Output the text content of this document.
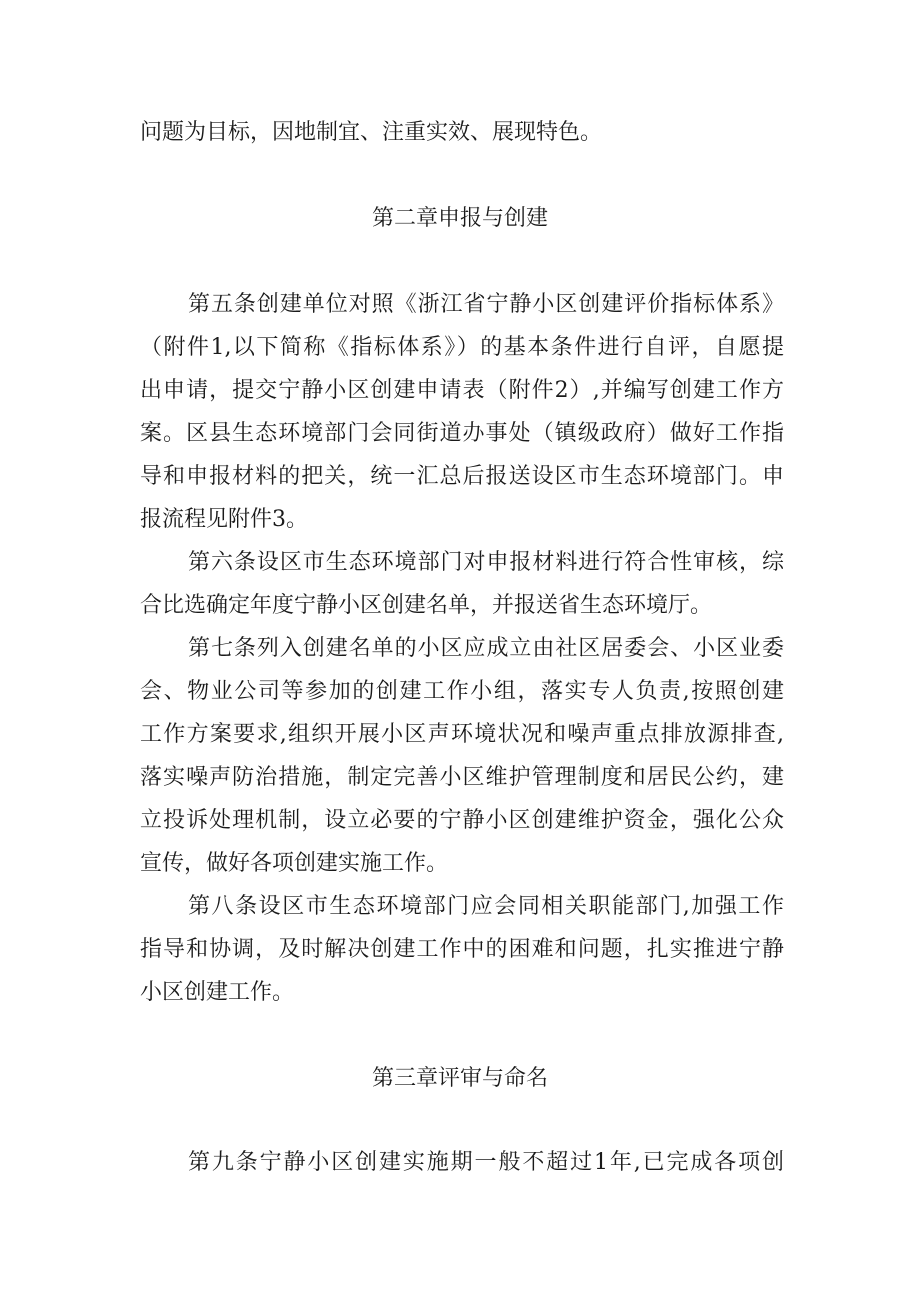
问题为目标，因地制宜、注重实效、展现特色。
第二章申报与创建
第五条创建单位对照《浙江省宁静小区创建评价指标体系》
（附件1,以下简称《指标体系》）的基本条件进行自评，自愿提
出申请，提交宁静小区创建申请表（附件2）,并编写创建工作方
案。区县生态环境部门会同街道办事处（镇级政府）做好工作指
导和申报材料的把关，统一汇总后报送设区市生态环境部门。申
报流程见附件3。
第六条设区市生态环境部门对申报材料进行符合性审核，综
合比选确定年度宁静小区创建名单，并报送省生态环境厅。
第七条列入创建名单的小区应成立由社区居委会、小区业委
会、物业公司等参加的创建工作小组，落实专人负责,按照创建
工作方案要求,组织开展小区声环境状况和噪声重点排放源排查,
落实噪声防治措施，制定完善小区维护管理制度和居民公约，建
立投诉处理机制，设立必要的宁静小区创建维护资金，强化公众
宣传，做好各项创建实施工作。
第八条设区市生态环境部门应会同相关职能部门,加强工作
指导和协调，及时解决创建工作中的困难和问题，扎实推进宁静
小区创建工作。
第三章评审与命名
第九条宁静小区创建实施期一般不超过1年,已完成各项创
